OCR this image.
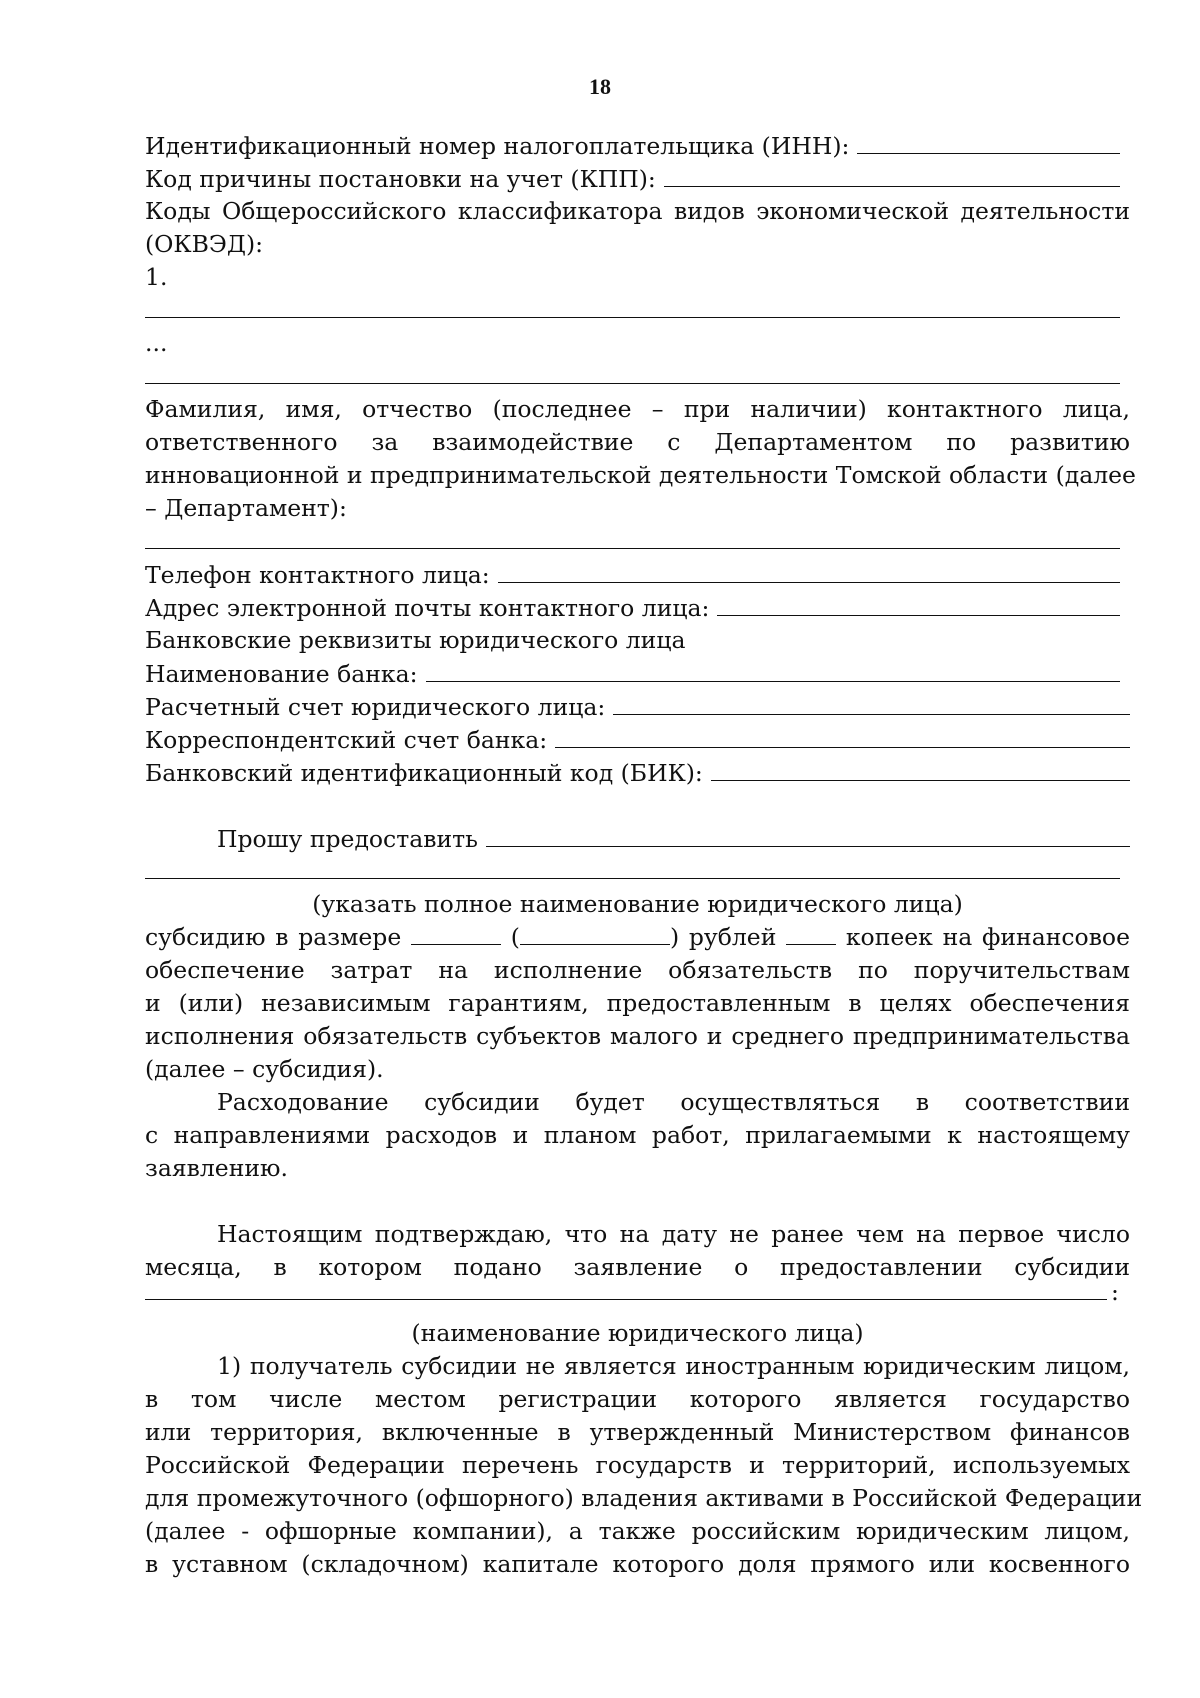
18
Идентификационный номер налогоплательщика (ИНН):
Код причины постановки на учет (КПП):
Коды Общероссийского классификатора видов экономической деятельности
(ОКВЭД):
1.
...
Фамилия, имя, отчество (последнее – при наличии) контактного лица,
ответственного за взаимодействие с Департаментом по развитию
инновационной и предпринимательской деятельности Томской области (далее
– Департамент):
Телефон контактного лица:
Адрес электронной почты контактного лица:
Банковские реквизиты юридического лица
Наименование банка:
Расчетный счет юридического лица:
Корреспондентский счет банка:
Банковский идентификационный код (БИК):
Прошу предоставить
(указать полное наименование юридического лица)
субсидию в размере	(	) рублей	копеек на финансовое
обеспечение затрат на исполнение обязательств по поручительствам
и (или) независимым гарантиям, предоставленным в целях обеспечения
исполнения обязательств субъектов малого и среднего предпринимательства
(далее – субсидия).
Расходование субсидии будет осуществляться в соответствии
с направлениями расходов и планом работ, прилагаемыми к настоящему
заявлению.
Настоящим подтверждаю, что на дату не ранее чем на первое число
месяца, в котором подано заявление о предоставлении субсидии
:
(наименование юридического лица)
1) получатель субсидии не является иностранным юридическим лицом,
в том числе местом регистрации которого является государство
или территория, включенные в утвержденный Министерством финансов
Российской Федерации перечень государств и территорий, используемых
для промежуточного (офшорного) владения активами в Российской Федерации
(далее - офшорные компании), а также российским юридическим лицом,
в уставном (складочном) капитале которого доля прямого или косвенного
